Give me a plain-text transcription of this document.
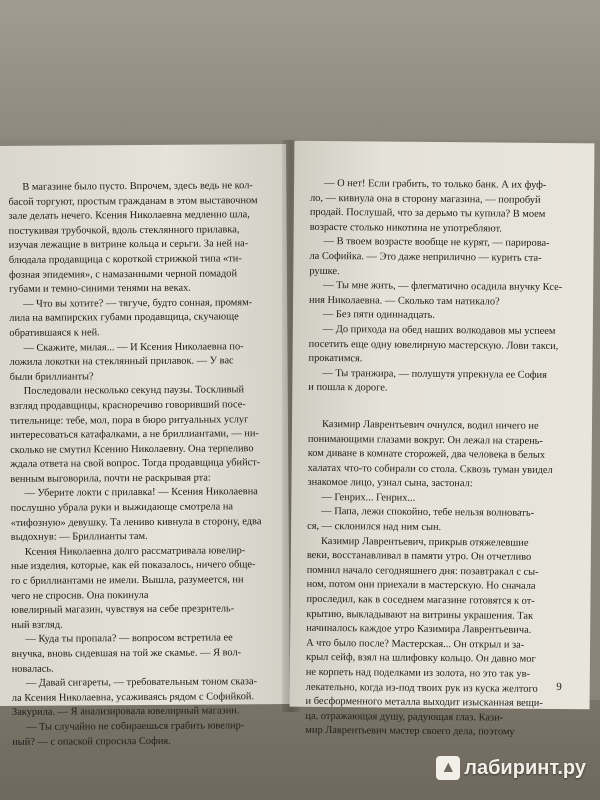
В магазине было пусто. Впрочем, здесь ведь не кол-
басой торгуют, простым гражданам в этом выставочном
зале делать нечего. Ксения Николаевна медленно шла,
постукивая трубочкой, вдоль стеклянного прилавка,
изучая лежащие в витрине кольца и серьги. За ней на-
блюдала продавщица с короткой стрижкой типа «ти-
фозная эпидемия», с намазанными черной помадой
губами и темно-синими тенями на веках.

— Что вы хотите? — тягуче, будто сонная, промям-
лила на вампирских губами продавщица, скучающе
обратившаяся к ней.

— Скажите, милая... — И Ксения Николаевна по-
ложила локотки на стеклянный прилавок. — У вас
были бриллианты?

Последовали несколько секунд паузы. Тоскливый
взгляд продавщицы, красноречиво говоривший посе-
тительнице: тебе, мол, пора в бюро ритуальных услуг
интересоваться катафалками, а не бриллиантами, — ни-
сколько не смутил Ксению Николаевну. Она терпеливо
ждала ответа на свой вопрос. Тогда продавщица убийст-
венным выговорила, почти не раскрывая рта:

— Уберите локти с прилавка! — Ксения Николаевна
послушно убрала руки и выжидающе смотрела на
«тифозную» девушку. Та лениво кивнула в сторону, едва
выдохнув: — Бриллианты там.

Ксения Николаевна долго рассматривала ювелир-
ные изделия, которые, как ей показалось, ничего обще-
го с бриллиантами не имели. Вышла, разумеется, ни
чего не спросив. Она покинула
ювелирный магазин, чувствуя на себе презритель-
ный взгляд.

— Куда ты пропала? — вопросом встретила ее
внучка, вновь сидевшая на той же скамье. — Я вол-
новалась.

— Давай сигареты, — требовательным тоном сказа-
ла Ксения Николаевна, усаживаясь рядом с Софийкой.
Закурила. — Я анализировала ювелирный магазин.

— Ты случайно не собираешься грабить ювелир-
ный? — с опаской спросила София.

— О нет! Если грабить, то только банк. А их фуф-
ло, — кивнула она в сторону магазина, — попробуй
продай. Послушай, что за дерьмо ты купила? В моем
возрасте столько никотина не употребляют.

— В твоем возрасте вообще не курят, — парирова-
ла Софийка. — Это даже неприлично — курить ста-
рушке.

— Ты мне жить, — флегматично осадила внучку Ксе-
ния Николаевна. — Сколько там натикало?

— Без пяти одиннадцать.

— До прихода на обед наших волкодавов мы успеем
посетить еще одну ювелирную мастерскую. Лови такси,
прокатимся.

— Ты транжира, — полушутя упрекнула ее София
и пошла к дороге.

Казимир Лаврентьевич очнулся, водил ничего не
понимающими глазами вокруг. Он лежал на старень-
ком диване в комнате сторожей, два человека в белых
халатах что-то собирали со стола. Сквозь туман увидел
знакомое лицо, узнал сына, застонал:

— Генрих... Генрих...

— Папа, лежи спокойно, тебе нельзя волновать-
ся, — склонился над ним сын.

Казимир Лаврентьевич, прикрыв отяжелевшие
веки, восстанавливал в памяти утро. Он отчетливо
помнил начало сегодняшнего дня: позавтракал с сы-
ном, потом они приехали в мастерскую. Но сначала
проследил, как в соседнем магазине готовятся к от-
крытию, выкладывают на витрины украшения. Так
начиналось каждое утро Казимира Лаврентьевича.
А что было после? Мастерская... Он открыл и за-
крыл сейф, взял на шлифовку кольцо. Он давно мог
не корпеть над поделками из золота, но это так ув-
лекательно, когда из-под твоих рук из куска желтого
и бесформенного металла выходит изысканная вещи-
ца, отражающая душу, радующая глаз. Кази-
мир Лаврентьевич мастер своего дела, поэтому

9
▲ лабиринт.ру
